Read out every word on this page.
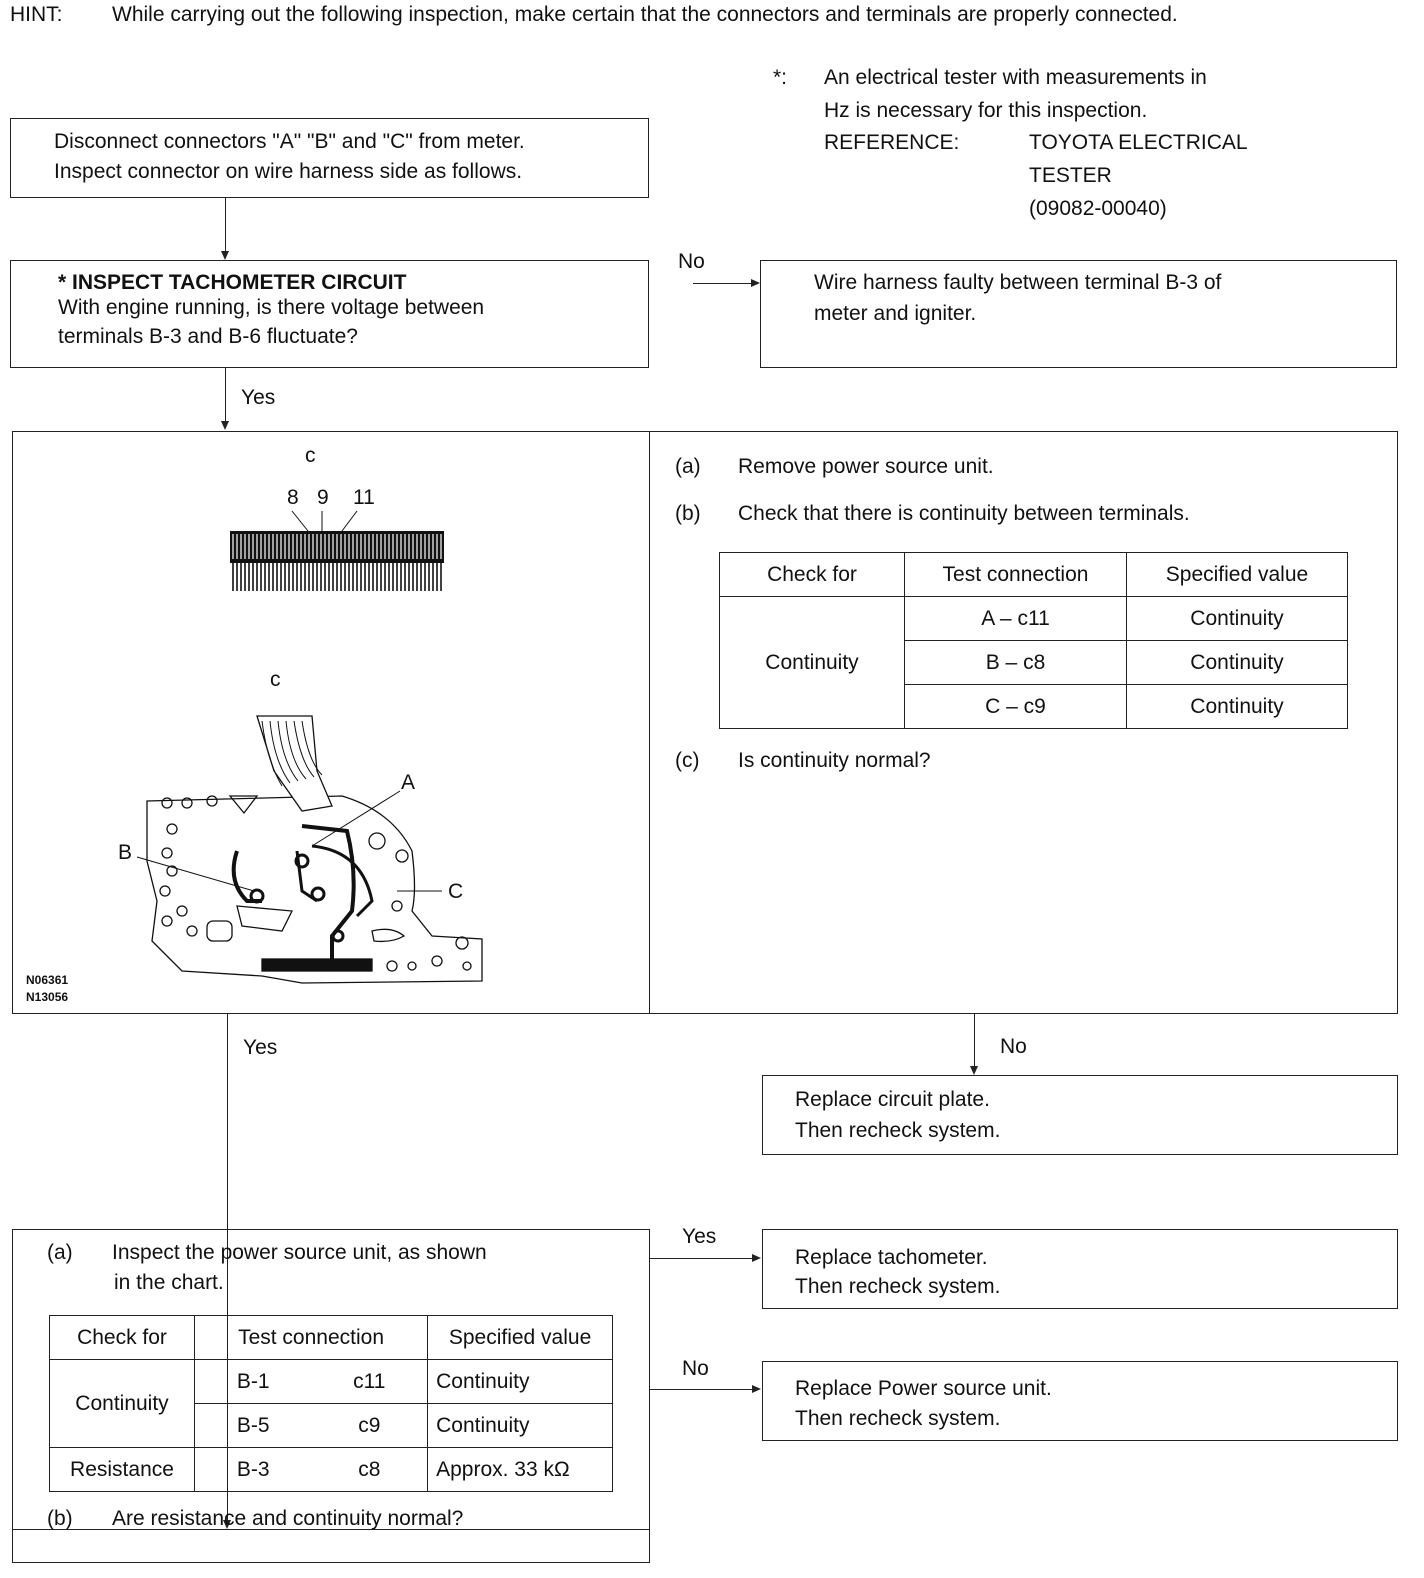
HINT: While carrying out the following inspection, make certain that the connectors and terminals are properly connected.
*: An electrical tester with measurements in
Hz is necessary for this inspection.
REFERENCE:	TOYOTA ELECTRICAL
TESTER
(09082-00040)
Disconnect connectors "A" "B" and "C" from meter.
Inspect connector on wire harness side as follows.
* INSPECT TACHOMETER CIRCUIT
With engine running, is there voltage between
terminals B-3 and B-6 fluctuate?
No
Wire harness faulty between terminal B-3 of
meter and igniter.
Yes
c
8 9 11
c
A
B
C
N06361
N13056
(a) Remove power source unit.
(b) Check that there is continuity between terminals.
Check for	Test connection	Specified value
Continuity	A – c11	Continuity
	B – c8	Continuity
	C – c9	Continuity
(c) Is continuity normal?
Yes	No
Replace circuit plate.
Then recheck system.
(a) Inspect the power source unit, as shown
in the chart.
Check for	Test connection		Specified value
Continuity	B-1	c11	Continuity
	B-5	c9	Continuity
Resistance	B-3	c8	Approx. 33 kΩ
(b) Are resistance and continuity normal?
Yes
Replace tachometer.
Then recheck system.
No
Replace Power source unit.
Then recheck system.
